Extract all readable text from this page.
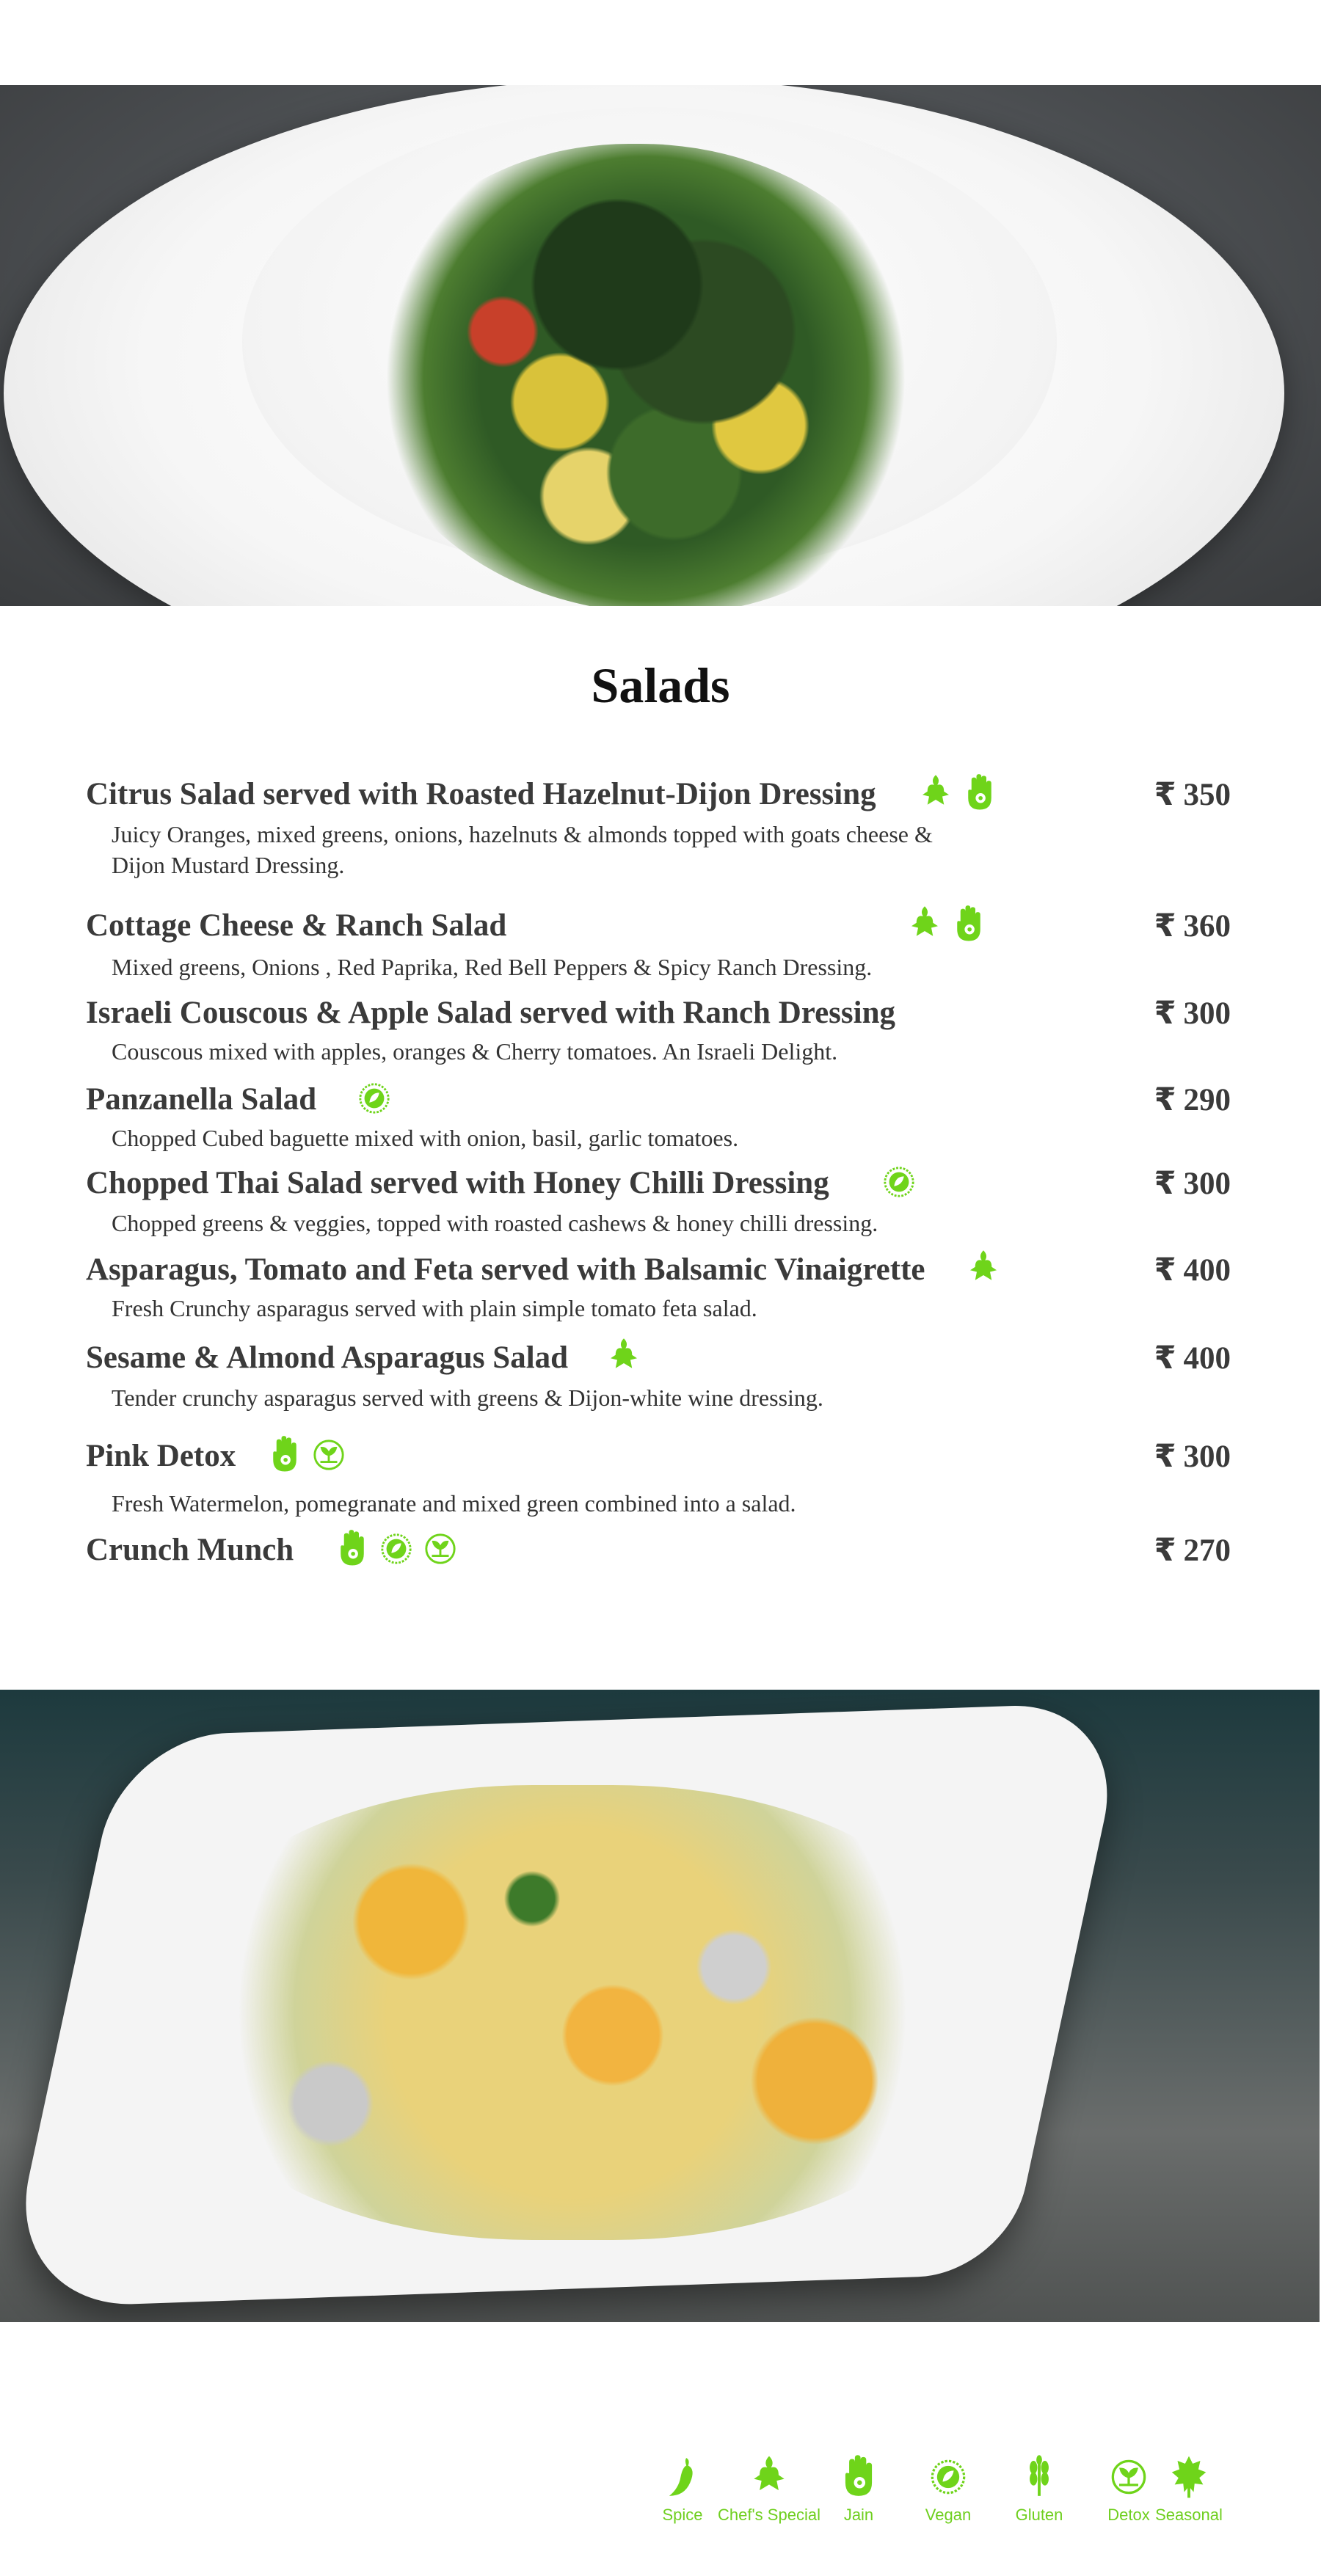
Salads
Citrus Salad served with Roasted Hazelnut-Dijon Dressing	₹ 350
Juicy Oranges, mixed greens, onions, hazelnuts & almonds topped with goats cheese & Dijon Mustard Dressing.
Cottage Cheese & Ranch Salad	₹ 360
Mixed greens, Onions , Red Paprika, Red Bell Peppers & Spicy Ranch Dressing.
Israeli Couscous & Apple Salad served with Ranch Dressing	₹ 300
Couscous mixed with apples, oranges & Cherry tomatoes. An Israeli Delight.
Panzanella Salad	₹ 290
Chopped Cubed baguette mixed with onion, basil, garlic tomatoes.
Chopped Thai Salad served with Honey Chilli Dressing	₹ 300
Chopped greens & veggies, topped with roasted cashews & honey chilli dressing.
Asparagus, Tomato and Feta served with Balsamic Vinaigrette	₹ 400
Fresh Crunchy asparagus served with plain simple tomato feta salad.
Sesame & Almond Asparagus Salad	₹ 400
Tender crunchy asparagus served with greens & Dijon-white wine dressing.
Pink Detox	₹ 300
Fresh Watermelon, pomegranate and mixed green combined into a salad.
Crunch Munch	₹ 270
Spice Chef's Special	Jain	Vegan	Gluten	Detox Seasonal
